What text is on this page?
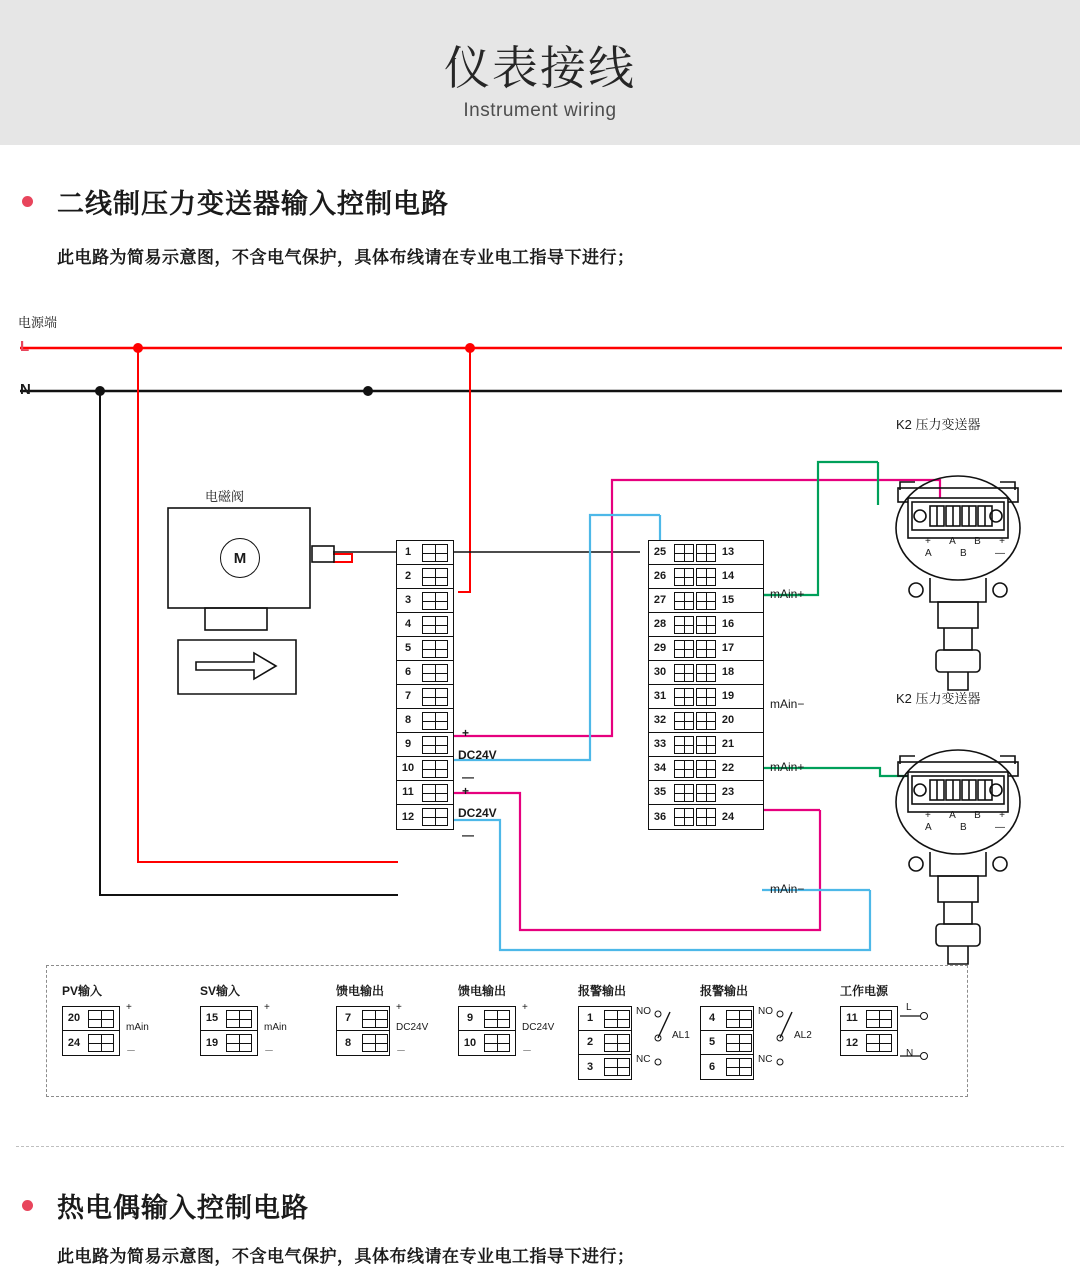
仪表接线
Instrument wiring
二线制压力变送器输入控制电路
此电路为简易示意图，不含电气保护，具体布线请在专业电工指导下进行；
电源端
L
N
电磁阀
M
K2 压力变送器
K2 压力变送器
+ A B +
A	B	—
+ A B +
A	B	—
1
2
3
4
5
6
7
8
9
10
11
12
+
DC24V
—
+
DC24V
—
25	13
26	14
27	15
28	16
29	17
30	18
31	19
32	20
33	21
34	22
35	23
36	24
mAin+
mAin−
mAin+
mAin−
PV输入
20
24
+
－
mAin
SV输入
15
19
+
－
mAin
馈电输出
7
8
+
－
DC24V
馈电输出
9
10
+
－
DC24V
报警输出
1
2
3
NO
NC
AL1
报警输出
4
5
6
NO
NC
AL2
工作电源
11
12
L
N
热电偶输入控制电路
此电路为简易示意图，不含电气保护，具体布线请在专业电工指导下进行；
